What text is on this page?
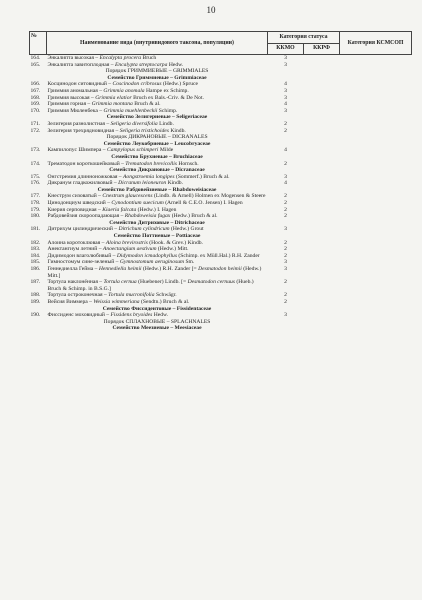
10
№	Наименование вида (внутривидового таксона, популяции)	Категория статуса		Категория КСМСОП
		ККМО	ККРФ	
164.	Энкалипта высокая – Encalypta procera Bruch	3		
165.	Энкалипта завитоплодная – Encalypta streptocarpa Hedw.	3		
	Порядок ГРИММИЕВЫЕ – GRIMMIALES			
	Семейство Гриммиевые – Grimmiaceae			
166.	Косцинодон ситовидный – Coscinodon cribrosus (Hedw.) Spruce	4		
167.	Гриммия аномальная – Grimmia anomala Hampe ex Schimp.	3		
168.	Гриммия высокая – Grimmia elatior Bruch ex Bals.-Criv. & De Not.	3		
169.	Гриммия горная – Grimmia montana Bruch & al.	4		
170.	Гриммия Мюленбека – Grimmia muehlenbeckii Schimp.	3		
	Семейство Зелигериевые – Seligeriaceae			
171.	Зелигерия разнолистная – Seligeria diversifolia Lindb.	2		
172.	Зелигерия трехрядновидная – Seligeria tristichoides Kindb.	2		
	Порядок ДИКРАНОВЫЕ – DICRANALES			
	Семейство Леукобриевые – Leucobryaceae			
173.	Кампилопус Шимпера – Campylopus schimperi Milde	4		
	Семейство Брухиевые – Bruchiaceae			
174.	Трематодон короткошейковый – Trematodon brevicollis Hornsch.	2		
	Семейство Дикрановые – Dicranaceae			
175.	Онгстремия длинноножковая – Aongstroemia longipes (Sommerf.) Bruch & al.	3		
176.	Дикранум гладкожилковый – Dicranum leioneuron Kindb.	4		
	Семейство Рабдовейзиевые – Rhabdoweisiaceae			
177.	Кнеструм сизоватый – Cnestrum glaucescens (Lindb. & Arnell) Holmen ex Mogensen & Steere	2		
178.	Цинодонциум шведский – Cynodontium suecicum (Arnell & C.E.O. Jensen) I. Hagen	2		
179.	Киерия серповидная – Kiaeria falcata (Hedw.) I. Hagen	2		
180.	Рабдовейзия скороопадающая – Rhabdoweisia fugax (Hedw.) Bruch & al.	2		
	Семейство Дитриховые – Ditrichaceae			
181.	Дитрихум цилиндрический – Ditrichum cylindricum (Hedw.) Grout	3		
	Семейство Поттиевые – Pottiaceae			
182.	Алоина коротоклювая – Aloina brevirostris (Hook. & Grev.) Kindb.	2		
183.	Анектангиум летний – Anoectangium aestivum (Hedw.) Mitt.	2		
184.	Дидимодон влаголюбивый – Didymodon icmadophyllus (Schimp. ex Müll.Hal.) R.H. Zander	2		
185.	Гимностомум сине-зеленый – Gymnostomum aeruginosum Sm.	3		
186.	Геннедиелла Гейма – Hennediella heimii (Hedw.) R.H. Zander [= Desmatodon heimii (Hedw.) Mitt.]	3		
187.	Тортула наклонённая – Tortula cernua (Huebener) Lindb. [= Desmatodon cernuus (Hueb.) Bruch & Schimp. in B.S.G.]	2		
188.	Тортула остроконечная – Tortula mucronifolia Schwägr.	2		
189.	Вейсия Виммера – Weissia wimmeriana (Sendtn.) Bruch & al.	2		
	Семейство Фиссидентовые – Fissidentaceae			
190.	Фиссиденс моховидный – Fissidens bryoides Hedw.	3		
	Порядок СПЛАХНОВЫЕ – SPLACHNALES			
	Семейство Меезиевые – Meesiaceae			
